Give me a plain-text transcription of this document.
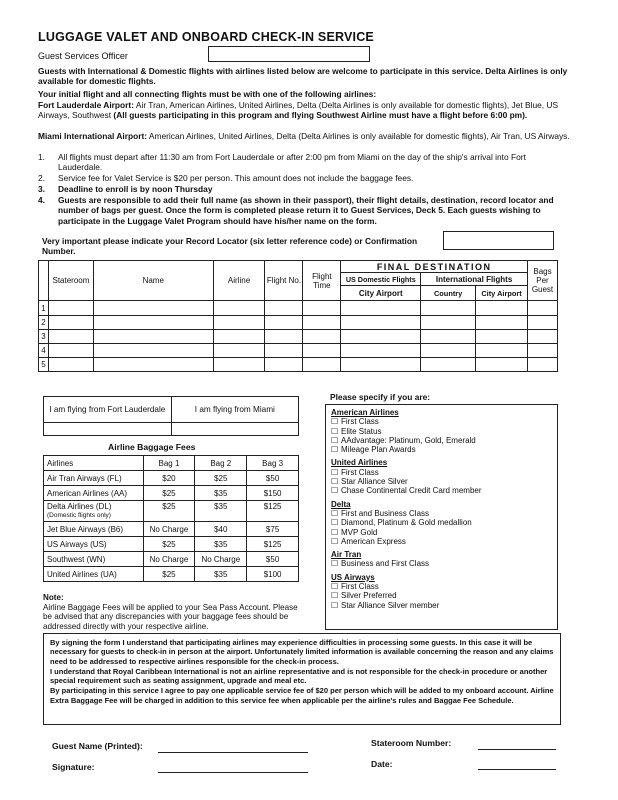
LUGGAGE VALET AND ONBOARD CHECK-IN SERVICE
Guest Services Officer
Guests with International & Domestic flights with airlines listed below are welcome to participate in this service. Delta Airlines is only available for domestic flights.
Your initial flight and all connecting flights must be with one of the following airlines:
Fort Lauderdale Airport: Air Tran, American Airlines, United Airlines, Delta (Delta Airlines is only available for domestic flights), Jet Blue, US Airways, Southwest (All guests participating in this program and flying Southwest Airline must have a flight before 6:00 pm).
Miami International Airport: American Airlines, United Airlines, Delta (Delta Airlines is only available for domestic flights), Air Tran, US Airways.
1. All flights must depart after 11:30 am from Fort Lauderdale or after 2:00 pm from Miami on the day of the ship's arrival into Fort Lauderdale.
2. Service fee for Valet Service is $20 per person. This amount does not include the baggage fees.
3. Deadline to enroll is by noon Thursday
4. Guests are responsible to add their full name (as shown in their passport), their flight details, destination, record locator and number of bags per guest. Once the form is completed please return it to Guest Services, Deck 5. Each guests wishing to participate in the Luggage Valet Program should have his/her name on the form.
Very important please indicate your Record Locator (six letter reference code) or Confirmation Number.
	Stateroom	Name	Airline	Flight No.	Flight Time	FINAL DESTINATION			Bags Per Guest
						US Domestic Flights	International Flights		
						City Airport	Country	City Airport	
1									
2									
3									
4									
5									
I am flying from Fort Lauderdale	I am flying from Miami

Airline Baggage Fees
Airlines	Bag 1	Bag 2	Bag 3
Air Tran Airways (FL)	$20	$25	$50
American Airlines (AA)	$25	$35	$150

Delta Airlines (DL)
(Domestic flights only)	$25	$35	$125
Jet Blue Airways (B6)	No Charge	$40	$75
US Airways (US)	$25	$35	$125
Southwest (WN)	No Charge	No Charge	$50
United Airlines (UA)	$25	$35	$100
Note:
Airline Baggage Fees will be applied to your Sea Pass Account. Please be advised that any discrepancies with your baggage fees should be addressed directly with your respective airline.
Please specify if you are:
American Airlines
☐ First Class
☐ Elite Status
☐ AAdvantage: Platinum, Gold, Emerald
☐ Mileage Plan Awards
United Airlines
☐ First Class
☐ Star Alliance Silver
☐ Chase Continental Credit Card member
Delta
☐ First and Business Class
☐ Diamond, Platinum & Gold medallion
☐ MVP Gold
☐ American Express
Air Tran
☐ Business and First Class
US Airways
☐ First Class
☐ Silver Preferred
☐ Star Alliance Silver member
By signing the form I understand that participating airlines may experience difficulties in processing some guests. In this case it will be necessary for guests to check-in in person at the airport. Unfortunately limited information is available concerning the reason and any claims need to be addressed to respective airlines responsible for the check-in process.
I understand that Royal Caribbean International is not an airline representative and is not responsible for the check-in procedure or another special requirement such as seating assignment, upgrade and meal etc.
By participating in this service I agree to pay one applicable service fee of $20 per person which will be added to my onboard account. Airline Extra Baggage Fee will be charged in addition to this service fee when applicable per the airline's rules and Baggae Fee Schedule.
Guest Name (Printed):
Signature:
Stateroom Number:
Date:
